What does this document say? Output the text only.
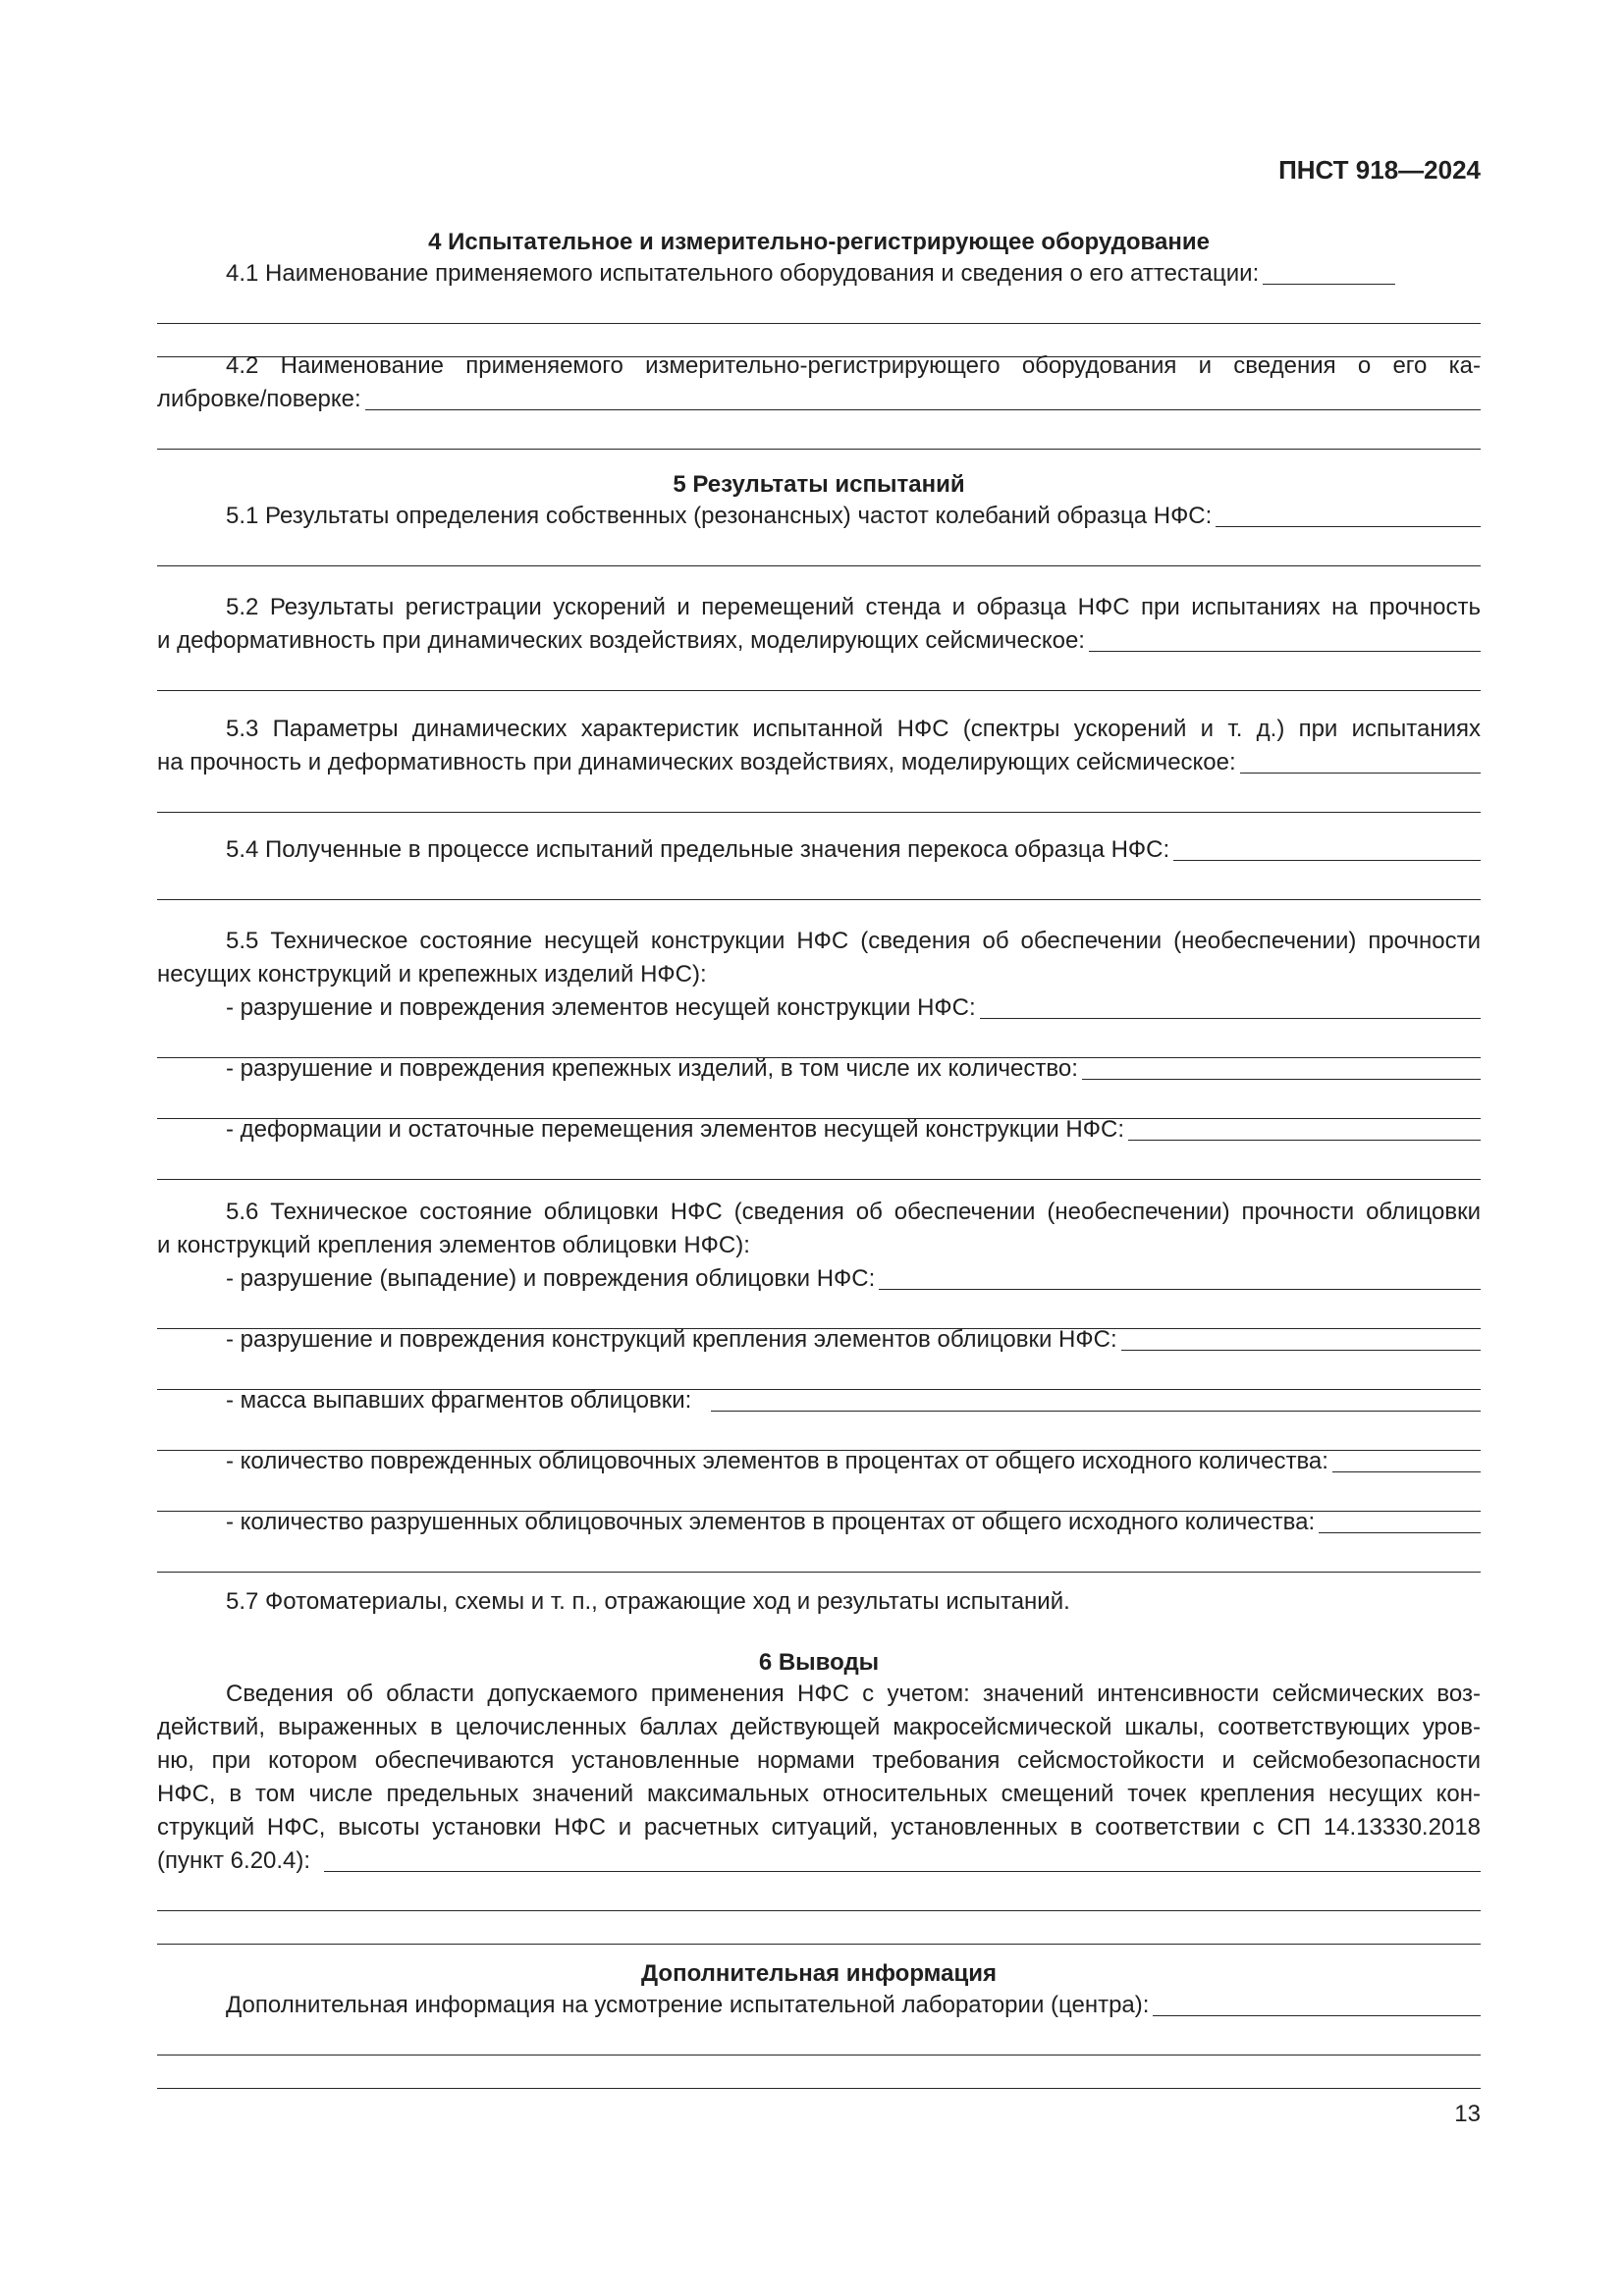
ПНСТ 918—2024
4 Испытательное и измерительно-регистрирующее оборудование
4.1 Наименование применяемого испытательного оборудования и сведения о его аттестации:
4.2 Наименование применяемого измерительно-регистрирующего оборудования и сведения о его ка-
либровке/поверке:
5 Результаты испытаний
5.1 Результаты определения собственных (резонансных) частот колебаний образца НФС:
5.2 Результаты регистрации ускорений и перемещений стенда и образца НФС при испытаниях на прочность
и деформативность при динамических воздействиях, моделирующих сейсмическое:
5.3 Параметры динамических характеристик испытанной НФС (спектры ускорений и т. д.) при испытаниях
на прочность и деформативность при динамических воздействиях, моделирующих сейсмическое:
5.4 Полученные в процессе испытаний предельные значения перекоса образца НФС:
5.5 Техническое состояние несущей конструкции НФС (сведения об обеспечении (необеспечении) прочности
несущих конструкций и крепежных изделий НФС):
- разрушение и повреждения элементов несущей конструкции НФС:
- разрушение и повреждения крепежных изделий, в том числе их количество:
- деформации и остаточные перемещения элементов несущей конструкции НФС:
5.6 Техническое состояние облицовки НФС (сведения об обеспечении (необеспечении) прочности облицовки
и конструкций крепления элементов облицовки НФС):
- разрушение (выпадение) и повреждения облицовки НФС:
- разрушение и повреждения конструкций крепления элементов облицовки НФС:
- масса выпавших фрагментов облицовки:
- количество поврежденных облицовочных элементов в процентах от общего исходного количества:
- количество разрушенных облицовочных элементов в процентах от общего исходного количества:
5.7 Фотоматериалы, схемы и т. п., отражающие ход и результаты испытаний.
6 Выводы
Сведения об области допускаемого применения НФС с учетом: значений интенсивности сейсмических воз-
действий, выраженных в целочисленных баллах действующей макросейсмической шкалы, соответствующих уров-
ню, при котором обеспечиваются установленные нормами требования сейсмостойкости и сейсмобезопасности
НФС, в том числе предельных значений максимальных относительных смещений точек крепления несущих кон-
струкций НФС, высоты установки НФС и расчетных ситуаций, установленных в соответствии с СП 14.13330.2018
(пункт 6.20.4):
Дополнительная информация
Дополнительная информация на усмотрение испытательной лаборатории (центра):
13
